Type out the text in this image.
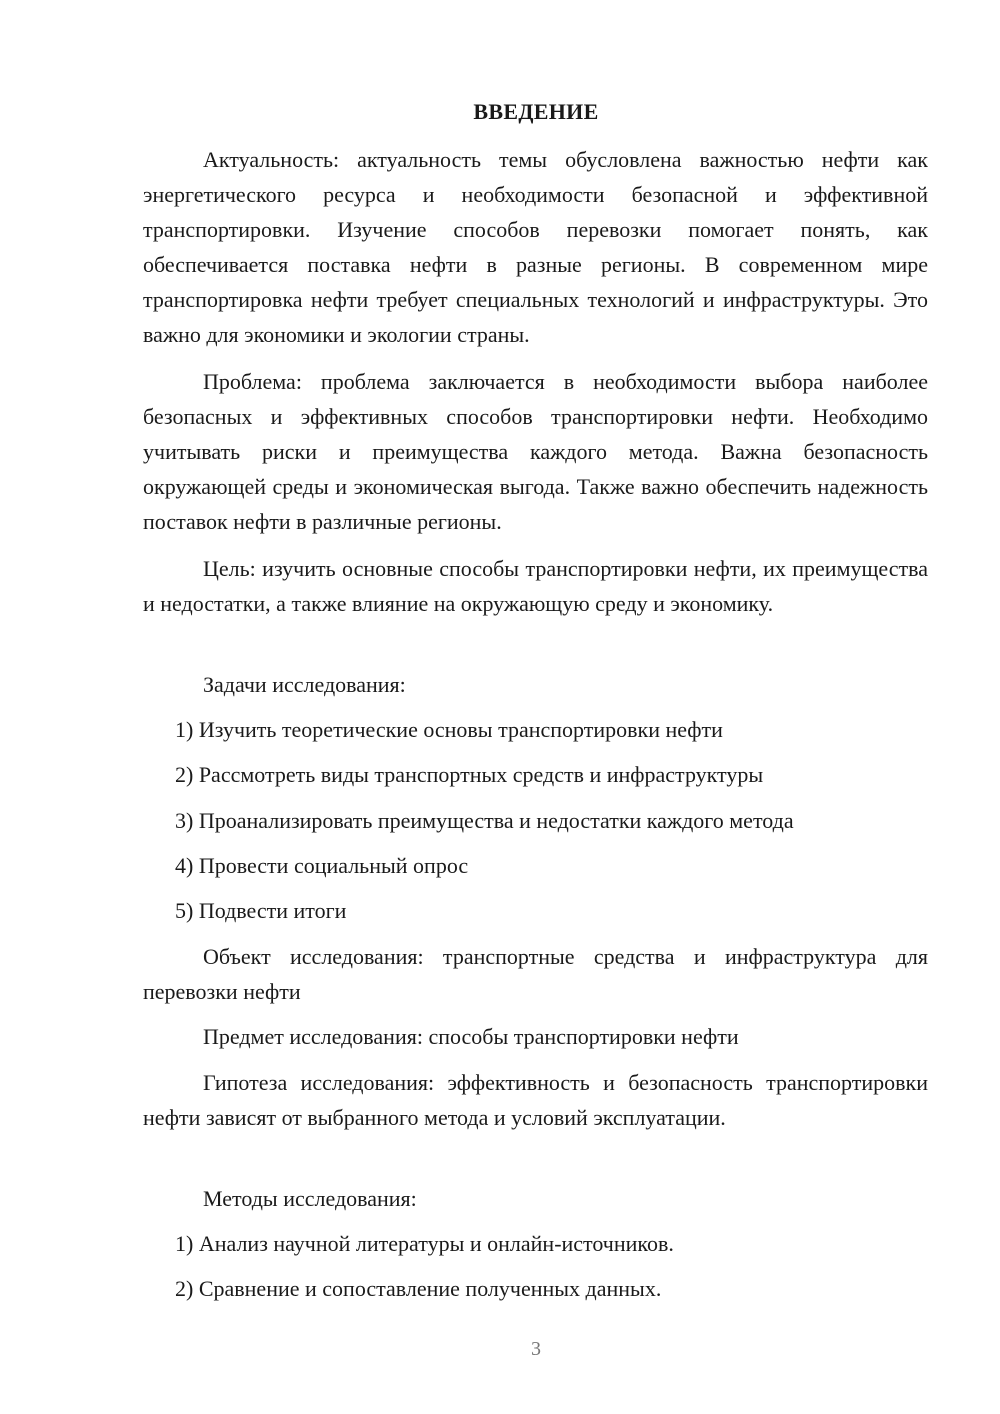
ВВЕДЕНИЕ

Актуальность: актуальность темы обусловлена важностью нефти как энергетического ресурса и необходимости безопасной и эффективной транспортировки. Изучение способов перевозки помогает понять, как обеспечивается поставка нефти в разные регионы. В современном мире транспортировка нефти требует специальных технологий и инфраструктуры. Это важно для экономики и экологии страны.

Проблема: проблема заключается в необходимости выбора наиболее безопасных и эффективных способов транспортировки нефти. Необходимо учитывать риски и преимущества каждого метода. Важна безопасность окружающей среды и экономическая выгода. Также важно обеспечить надежность поставок нефти в различные регионы.

Цель: изучить основные способы транспортировки нефти, их преимущества и недостатки, а также влияние на окружающую среду и экономику.

Задачи исследования:

1) Изучить теоретические основы транспортировки нефти

2) Рассмотреть виды транспортных средств и инфраструктуры

3) Проанализировать преимущества и недостатки каждого метода

4) Провести социальный опрос

5) Подвести итоги

Объект исследования: транспортные средства и инфраструктура для перевозки нефти

Предмет исследования: способы транспортировки нефти

Гипотеза исследования: эффективность и безопасность транспортировки нефти зависят от выбранного метода и условий эксплуатации.

Методы исследования:

1) Анализ научной литературы и онлайн-источников.

2) Сравнение и сопоставление полученных данных.

3
